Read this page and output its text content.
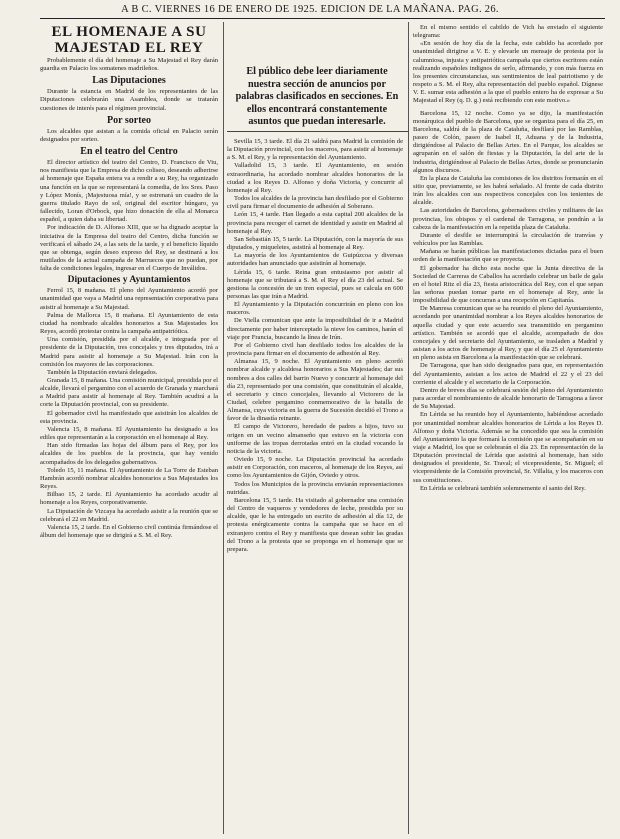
A B C. VIERNES 16 DE ENERO DE 1925. EDICION DE LA MAÑANA. PAG. 26.
EL HOMENAJE A SU MAJESTAD EL REY

Probablemente el día del homenaje a Su Majestad el Rey darán guardia en Palacio los somatenes madrileños.

Las Diputaciones

Durante la estancia en Madrid de los representantes de las Diputaciones celebrarán una Asamblea, donde se tratarán cuestiones de interés para el régimen provincial.

Por sorteo

Los alcaldes que asistan a la comida oficial en Palacio serán designados por sorteo.

En el teatro del Centro

El director artístico del teatro del Centro, D. Francisco de Viu, nos manifiesta que la Empresa de dicho coliseo, deseando adherirse al homenaje que España entera va a rendir a su Rey, ha organizado una función en la que se representará la comedia, de los Sres. Paso y López Monís, ¡Majestuosa mía!, y se estrenará un cuadro de la guerra titulado Rayo de sol, original del escritor húngaro, ya fallecido, Loran d'Orbock, que hizo donación de ella al Monarca español, a quien daba su libertad.

Por indicación de D. Alfonso XIII, que se ha dignado aceptar la iniciativa de la Empresa del teatro del Centro, dicha función se verificará el sábado 24, a las seis de la tarde, y el beneficio líquido que se obtenga, según deseo expreso del Rey, se destinará a los mutilados de la actual campaña de Marruecos que no puedan, por falta de condiciones legales, ingresar en el Cuerpo de Inválidos.

Diputaciones y Ayuntamientos

Ferrol 15, 8 mañana. El pleno del Ayuntamiento acordó por unanimidad que vaya a Madrid una representación corporativa para asistir al homenaje a Su Majestad.

Palma de Mallorca 15, 8 mañana. El Ayuntamiento de esta ciudad ha nombrado alcaldes honorarios a Sus Majestades los Reyes, acordó protestar contra la campaña antipatriótica.

Una comisión, presidida por el alcalde, e integrada por el presidente de la Diputación, tres concejales y tres diputados, irá a Madrid para asistir al homenaje a Su Majestad. Irán con la comisión los mayores de las corporaciones.

También la Diputación enviará delegados.

Granada 15, 8 mañana. Una comisión municipal, presidida por el alcalde, llevará el pergamino con el acuerdo de Granada y marchará a Madrid para asistir al homenaje al Rey. También acudirá a la corte la Diputación provincial, con su presidente.

El gobernador civil ha manifestado que asistirán los alcaldes de esta provincia.

Valencia 15, 8 mañana. El Ayuntamiento ha designado a los ediles que representarán a la corporación en el homenaje al Rey.

Han sido firmadas las hojas del álbum para el Rey, por los alcaldes de los pueblos de la provincia, que hay venido acompañados de los delegados gubernativos.

Toledo 15, 11 mañana. El Ayuntamiento de La Torre de Esteban Hambrán acordó nombrar alcaldes honorarios a Sus Majestades los Reyes.

Bilbao 15, 2 tarde. El Ayuntamiento ha acordado acudir al homenaje a los Reyes, corporativamente.

La Diputación de Vizcaya ha acordado asistir a la reunión que se celebrará el 22 en Madrid.

Valencia 15, 2 tarde. En el Gobierno civil continúa firmándose el álbum del homenaje que se dirigirá a S. M. el Rey.

El público debe leer diariamente nuestra sección de anuncios por palabras clasificados en secciones. En ellos encontrará constantemente asuntos que puedan interesarle.

Sevilla 15, 3 tarde. El día 21 saldrá para Madrid la comisión de la Diputación provincial, con los maceros, para asistir al homenaje a S. M. el Rey, y la representación del Ayuntamiento.

Valladolid 15, 3 tarde. El Ayuntamiento, en sesión extraordinaria, ha acordado nombrar alcaldes honorarios de la ciudad a los Reyes D. Alfonso y doña Victoria, y concurrir al homenaje al Rey.

Todos los alcaldes de la provincia han desfilado por el Gobierno civil para firmar el documento de adhesión al Soberano.

León 15, 4 tarde. Han llegado a esta capital 200 alcaldes de la provincia para recoger el carnet de identidad y asistir en Madrid al homenaje al Rey.

San Sebastián 15, 5 tarde. La Diputación, con la mayoría de sus diputados, y miqueletes, asistirá al homenaje al Rey.

La mayoría de los Ayuntamientos de Guipúzcoa y diversas autoridades han anunciado que asistirán al homenaje.

Lérida 15, 6 tarde. Reina gran entusiasmo por asistir al homenaje que se tributará a S. M. el Rey el día 23 del actual. Se gestiona la concesión de un tren especial, pues se calcula en 600 personas las que irán a Madrid.

El Ayuntamiento y la Diputación concurrirán en pleno con los maceros.

De Viella comunican que ante la imposibilidad de ir a Madrid directamente por haber interceptado la nieve los caminos, harán el viaje por Francia, buscando la línea de Irún.

Por el Gobierno civil han desfilado todos los alcaldes de la provincia para firmar en el documento de adhesión al Rey.

Almansa 15, 9 noche. El Ayuntamiento en pleno acordó nombrar alcalde y alcaldesa honorarios a Sus Majestades; dar sus nombres a dos calles del barrio Nuevo y concurrir al homenaje del día 23, representado por una comisión, que constituirán el alcalde, el secretario y cinco concejales, llevando al Victorero de la Ciudad, celebre pergamino conmemorativo de la batalla de Almansa, cuya victoria en la guerra de Sucesión decidió el Trono a favor de la dinastía reinante.

El campo de Victorero, heredado de padres a hijos, tuvo su origen en un vecino almanseño que estuvo en la victoria con uniforme de las tropas derrotadas entró en la ciudad vocando la noticia de la victoria.

Oviedo 15, 9 noche. La Diputación provincial ha acordado asistir en Corporación, con maceros, al homenaje de los Reyes, así como los Ayuntamientos de Gijón, Oviedo y otros.

Todos los Municipios de la provincia enviarán representaciones nutridas.

Barcelona 15, 5 tarde. Ha visitado al gobernador una comisión del Centro de vaqueros y vendedores de leche, presidida por su alcalde, que le ha entregado un escrito de adhesión al día 12, de protesta enérgicamente contra la campaña que se hace en el extranjero contra el Rey y manifiesta que desean subir las gradas del Trono a la protesta que se proponga en el homenaje que se prepara.

En el mismo sentido el cabildo de Vich ha enviado el siguiente telegrama:

«En sesión de hoy día de la fecha, este cabildo ha acordado por unanimidad dirigirse a V. E. y elevarle un mensaje de protesta por la calumniosa, injusta y antipatriótica campaña que ciertos escritores están realizando españoles indignos de serlo, afirmando, y con más fuerza en los presentes circunstancias, sus sentimientos de leal patriotismo y de respeto a S. M. el Rey, alta representación del pueblo español. Dígnese V. E. sumar esta adhesión a la que el pueblo entero ha de expresar a Su Majestad el Rey (q. D. g.) está recibiendo con este motivo.»

Barcelona 15, 12 noche. Como ya se dijo, la manifestación monárquica del pueblo de Barcelona, que se organiza para el día 25, en Barcelona, saldrá de la plaza de Cataluña, desfilará por las Ramblas, paseo de Colón, paseo de Isabel II, Aduana y de la Industria, dirigiéndose al Palacio de Bellas Artes. En el Parque, los alcaldes se agruparán en el salón de fiestas y la Diputación, la del arte de la industria, dirigiéndose al Palacio de Bellas Artes, donde se pronunciarán algunos discursos.

En la plaza de Cataluña las comisiones de los distritos formarán en el sitio que, previamente, se les habrá señalado. Al frente de cada distrito irán los alcaldes con sus respectivos concejales con los tenientes de alcalde.

Las autoridades de Barcelona, gobernadores civiles y militares de las provincias, los obispos y el cardenal de Tarragona, se pondrán a la cabeza de la manifestación en la repetida plaza de Cataluña.

Durante el desfile se interrumpirá la circulación de tranvías y vehículos por las Ramblas.

Mañana se harán públicas las manifestaciones dictadas para el buen orden de la manifestación que se proyecta.

El gobernador ha dicho esta noche que la Junta directiva de la Sociedad de Carreras de Caballos ha acordado celebrar un baile de gala en el hotel Ritz el día 23, fiesta aristocrática del Rey, con el que sepan las señoras puedan tomar parte en el homenaje al Rey, ante la imposibilidad de que concurran a una recepción en Capitanía.

De Manresa comunican que se ha reunido el pleno del Ayuntamiento, acordando por unanimidad nombrar a los Reyes alcaldes honorarios de aquella ciudad y que este acuerdo sea transmitido en pergamino artístico. También se acordó que el alcalde, acompañado de dos concejales y del secretario del Ayuntamiento, se trasladen a Madrid y asistan a los actos de homenaje al Rey, y que el día 25 el Ayuntamiento en pleno asista en Barcelona a la manifestación que se celebrará.

De Tarragona, que han sido designados para que, en representación del Ayuntamiento, asistan a los actos de Madrid el 22 y el 23 del corriente el alcalde y el secretario de la Corporación.

Dentro de breves días se celebrará sesión del pleno del Ayuntamiento para acordar el nombramiento de alcalde honorario de Tarragona a favor de Su Majestad.

En Lérida se ha reunido hoy el Ayuntamiento, habiéndose acordado por unanimidad nombrar alcaldes honorarios de Lérida a los Reyes D. Alfonso y doña Victoria. Además se ha concedido que sea la comisión del Ayuntamiento la que formará la comisión que se acompañarán en su viaje a Madrid, los que se celebrarán el día 23. En representación de la Diputación provincial de Lérida que asistirá al homenaje, han sido designados el presidente, Sr. Traval; el vicepresidente, Sr. Miguel; el vicepresidente de la Comisión provincial, Sr. Villalta, y los maceros con sus constituciones.

En Lérida se celebrará también solemnemente el santo del Rey.
